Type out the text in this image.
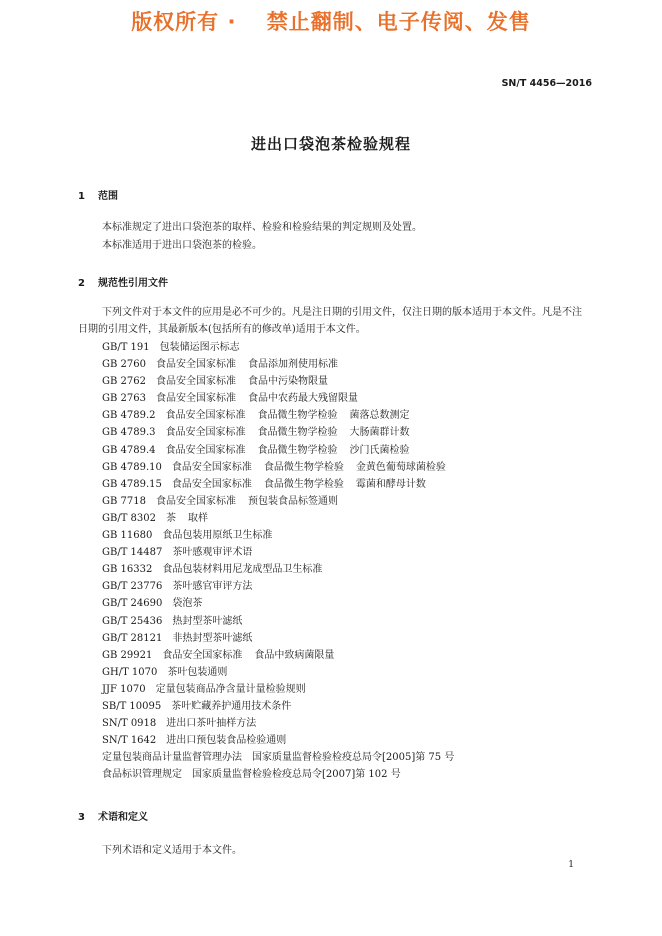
版权所有 ·　 禁止翻制、电子传阅、发售
SN/T 4456—2016
进出口袋泡茶检验规程
1 范围
本标准规定了进出口袋泡茶的取样、检验和检验结果的判定规则及处置。
本标准适用于进出口袋泡茶的检验。
2 规范性引用文件
下列文件对于本文件的应用是必不可少的。凡是注日期的引用文件，仅注日期的版本适用于本文件。凡是不注日期的引用文件，其最新版本(包括所有的修改单)适用于本文件。
GB/T 191 包装储运图示标志
GB 2760 食品安全国家标准 食品添加剂使用标准
GB 2762 食品安全国家标准 食品中污染物限量
GB 2763 食品安全国家标准 食品中农药最大残留限量
GB 4789.2 食品安全国家标准 食品微生物学检验 菌落总数测定
GB 4789.3 食品安全国家标准 食品微生物学检验 大肠菌群计数
GB 4789.4 食品安全国家标准 食品微生物学检验 沙门氏菌检验
GB 4789.10 食品安全国家标准 食品微生物学检验 金黄色葡萄球菌检验
GB 4789.15 食品安全国家标准 食品微生物学检验 霉菌和酵母计数
GB 7718 食品安全国家标准 预包装食品标签通则
GB/T 8302 茶 取样
GB 11680 食品包装用原纸卫生标准
GB/T 14487 茶叶感观审评术语
GB 16332 食品包装材料用尼龙成型品卫生标准
GB/T 23776 茶叶感官审评方法
GB/T 24690 袋泡茶
GB/T 25436 热封型茶叶滤纸
GB/T 28121 非热封型茶叶滤纸
GB 29921 食品安全国家标准 食品中致病菌限量
GH/T 1070 茶叶包装通则
JJF 1070 定量包装商品净含量计量检验规则
SB/T 10095 茶叶贮藏养护通用技术条件
SN/T 0918 进出口茶叶抽样方法
SN/T 1642 进出口预包装食品检验通则
定量包装商品计量监督管理办法 国家质量监督检验检疫总局令[2005]第 75 号
食品标识管理规定 国家质量监督检验检疫总局令[2007]第 102 号
3 术语和定义
下列术语和定义适用于本文件。
1
